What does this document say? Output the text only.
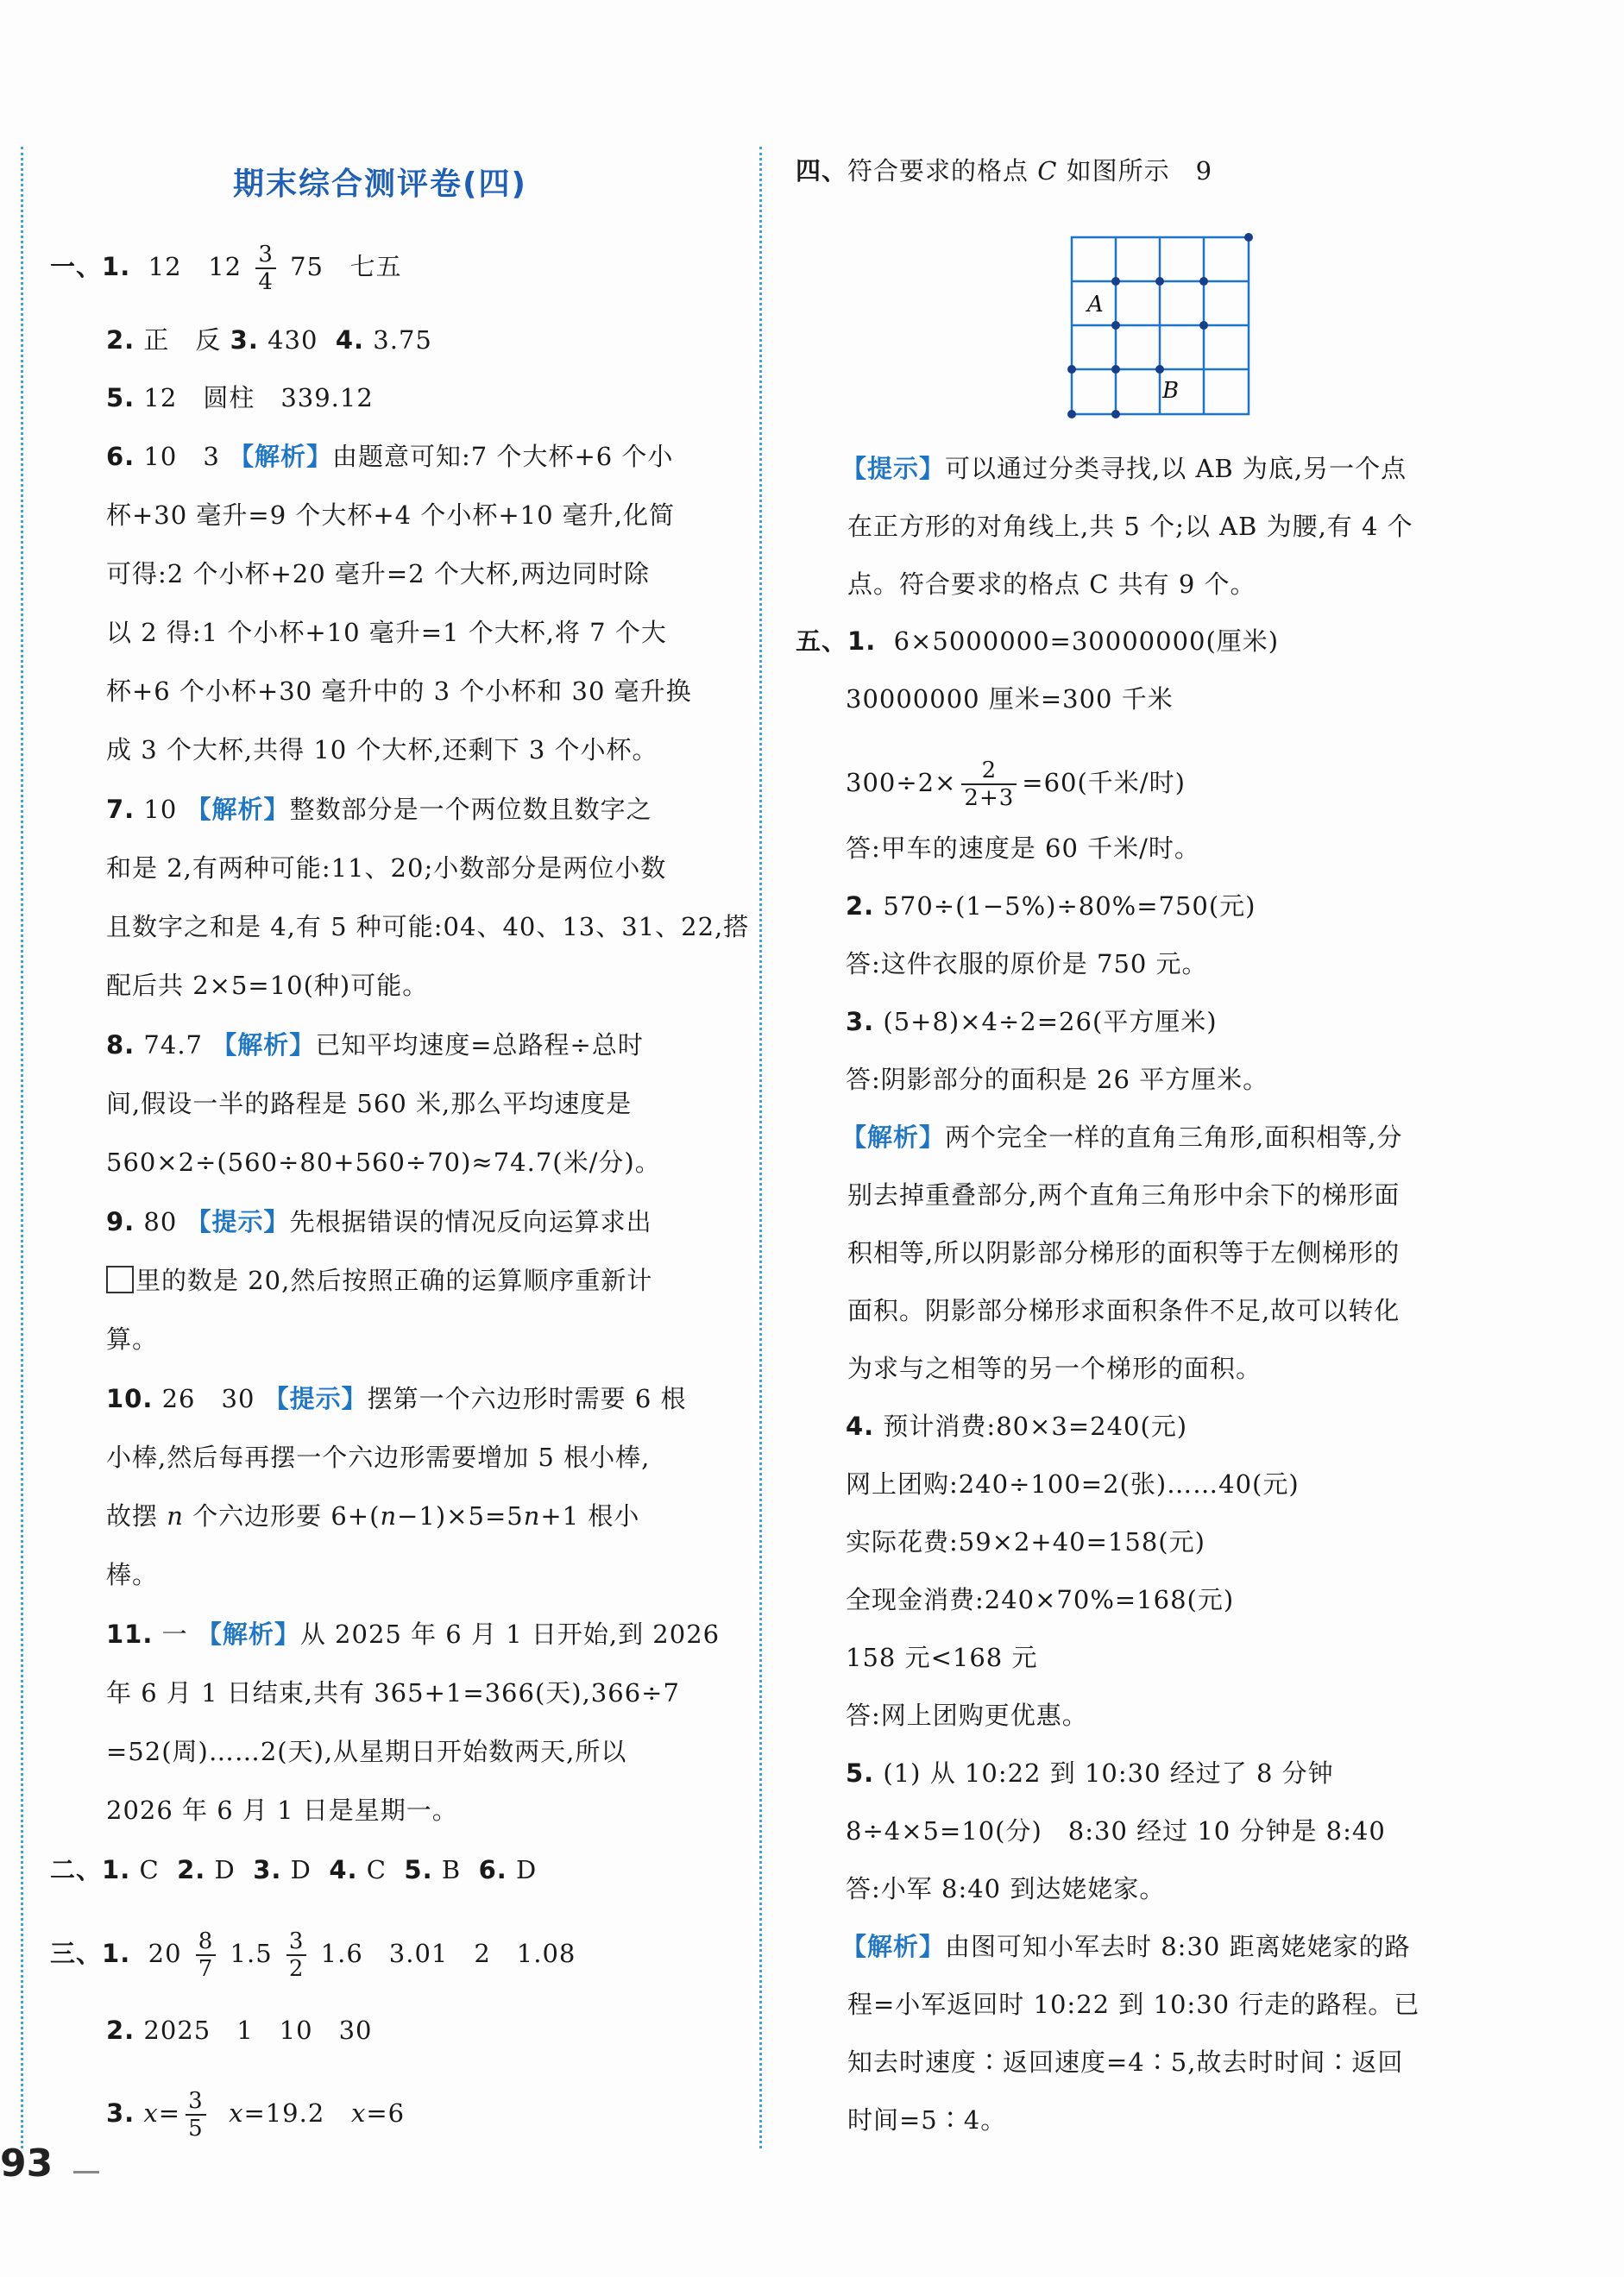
期末综合测评卷(四)
一、1. 12 $12 \frac{3}{4} 75$ 七五
2. 正　反 3. 430 4. 3.75
5. 12　圆柱　339.12
6. 10　3 【解析】由题意可知:7 个大杯+6 个小
杯+30 毫升=9 个大杯+4 个小杯+10 毫升,化简
可得:2 个小杯+20 毫升=2 个大杯,两边同时除
以 2 得:1 个小杯+10 毫升=1 个大杯,将 7 个大
杯+6 个小杯+30 毫升中的 3 个小杯和 30 毫升换
成 3 个大杯,共得 10 个大杯,还剩下 3 个小杯。
7. 10 【解析】整数部分是一个两位数且数字之
和是 2,有两种可能:11、20;小数部分是两位小数
且数字之和是 4,有 5 种可能:04、40、13、31、22,搭
配后共 2×5=10(种)可能。
8. 74.7 【解析】已知平均速度=总路程÷总时
间,假设一半的路程是 560 米,那么平均速度是
560×2÷(560÷80+560÷70)≈74.7(米/分)。
9. 80 【提示】先根据错误的情况反向运算求出
里的数是 20,然后按照正确的运算顺序重新计
算。
10. 26　30 【提示】摆第一个六边形时需要 6 根
小棒,然后每再摆一个六边形需要增加 5 根小棒,
故摆 n 个六边形要 6+(n−1)×5=5n+1 根小
棒。
11. 一 【解析】从 2025 年 6 月 1 日开始,到 2026
年 6 月 1 日结束,共有 365+1=366(天),366÷7
=52(周)……2(天),从星期日开始数两天,所以
2026 年 6 月 1 日是星期一。
二、1. C 2. D 3. D 4. C 5. B 6. D
三、1. $20 \frac{8}{7} 1.5 \frac{3}{2} 1.6$　3.01　2　1.08
2. 2025　1　10　30
3. $x= \frac{3}{5} x=19.2$ x=6
四、符合要求的格点 C 如图所示　9
A
B
【提示】可以通过分类寻找,以 AB 为底,另一个点
在正方形的对角线上,共 5 个;以 AB 为腰,有 4 个
点。符合要求的格点 C 共有 9 个。
五、1. 6×5000000=30000000(厘米)
30000000 厘米=300 千米
$300\div 2\times \frac{2}{2+3} =60$(千米/时)
答:甲车的速度是 60 千米/时。
2. 570÷(1−5%)÷80%=750(元)
答:这件衣服的原价是 750 元。
3. (5+8)×4÷2=26(平方厘米)
答:阴影部分的面积是 26 平方厘米。
【解析】两个完全一样的直角三角形,面积相等,分
别去掉重叠部分,两个直角三角形中余下的梯形面
积相等,所以阴影部分梯形的面积等于左侧梯形的
面积。阴影部分梯形求面积条件不足,故可以转化
为求与之相等的另一个梯形的面积。
4. 预计消费:80×3=240(元)
网上团购:240÷100=2(张)……40(元)
实际花费:59×2+40=158(元)
全现金消费:240×70%=168(元)
158 元<168 元
答:网上团购更优惠。
5. (1) 从 10:22 到 10:30 经过了 8 分钟
8÷4×5=10(分)　8:30 经过 10 分钟是 8:40
答:小军 8:40 到达姥姥家。
【解析】由图可知小军去时 8:30 距离姥姥家的路
程=小军返回时 10:22 到 10:30 行走的路程。已
知去时速度∶返回速度=4∶5,故去时时间∶返回
时间=5∶4。
93
